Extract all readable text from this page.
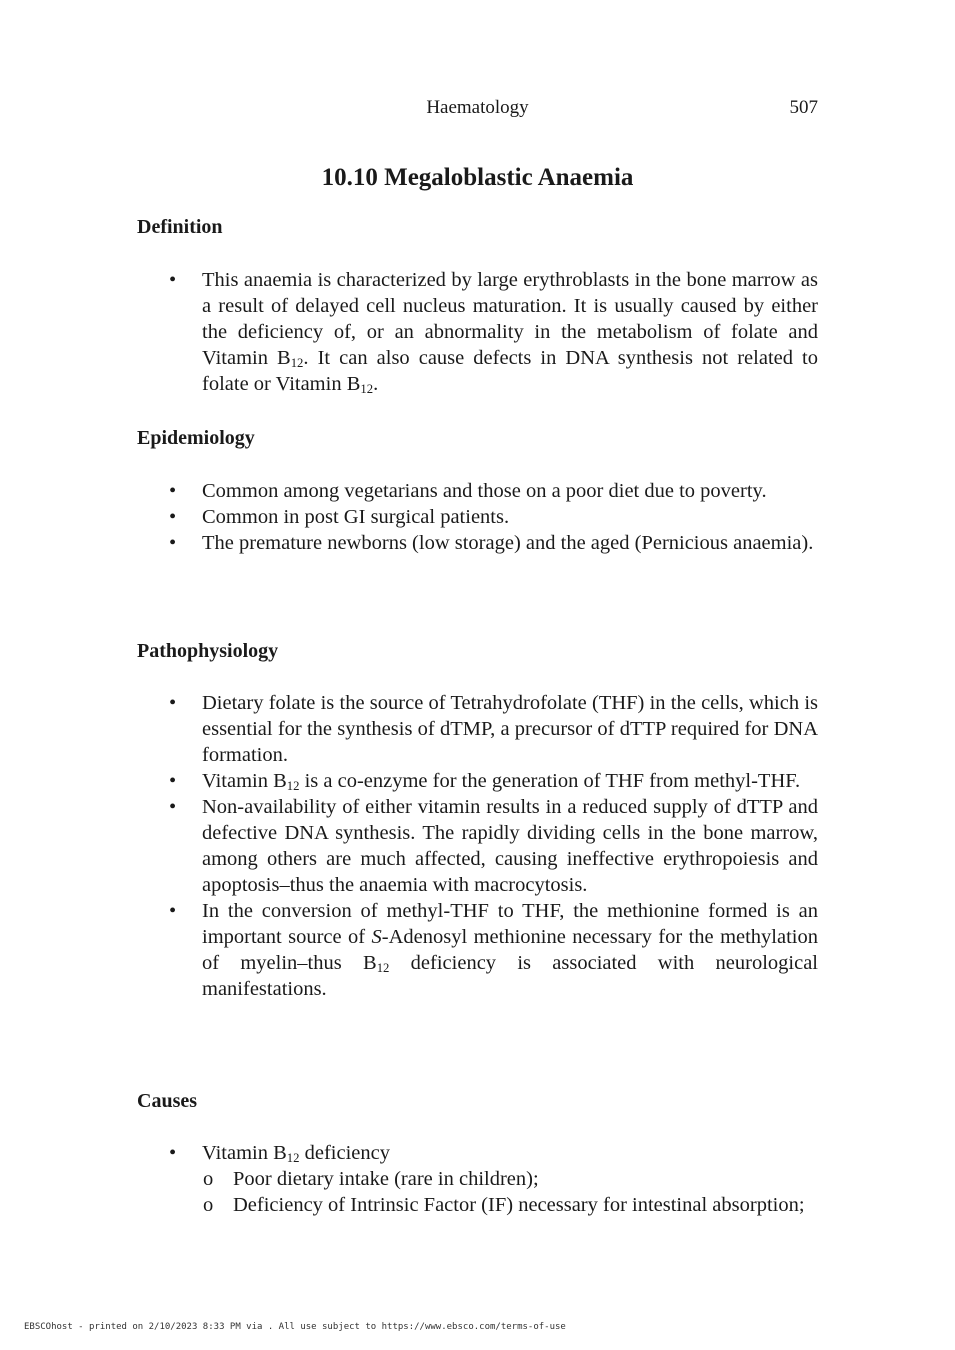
Haematology	507
10.10 Megaloblastic Anaemia
Definition
• This anaemia is characterized by large erythroblasts in the bone marrow as a result of delayed cell nucleus maturation. It is usually caused by either the deficiency of, or an abnormality in the metabolism of folate and Vitamin $B_{12}$. It can also cause defects in DNA synthesis not related to folate or Vitamin $B_{12}$.
Epidemiology
• Common among vegetarians and those on a poor diet due to poverty.
• Common in post GI surgical patients.
• The premature newborns (low storage) and the aged (Pernicious anaemia).
Pathophysiology
• Dietary folate is the source of Tetrahydrofolate (THF) in the cells, which is essential for the synthesis of dTMP, a precursor of dTTP required for DNA formation.
• Vitamin $B_{12}$ is a co-enzyme for the generation of THF from methyl-THF.
• Non-availability of either vitamin results in a reduced supply of dTTP and defective DNA synthesis. The rapidly dividing cells in the bone marrow, among others are much affected, causing ineffective erythropoiesis and apoptosis–thus the anaemia with macrocytosis.
• In the conversion of methyl-THF to THF, the methionine formed is an important source of S-Adenosyl methionine necessary for the methylation of myelin–thus $B_{12}$ deficiency is associated with neurological manifestations.
Causes
• Vitamin $B_{12}$ deficiency
o Poor dietary intake (rare in children);
o Deficiency of Intrinsic Factor (IF) necessary for intestinal absorption;
EBSCOhost - printed on 2/10/2023 8:33 PM via . All use subject to https://www.ebsco.com/terms-of-use
